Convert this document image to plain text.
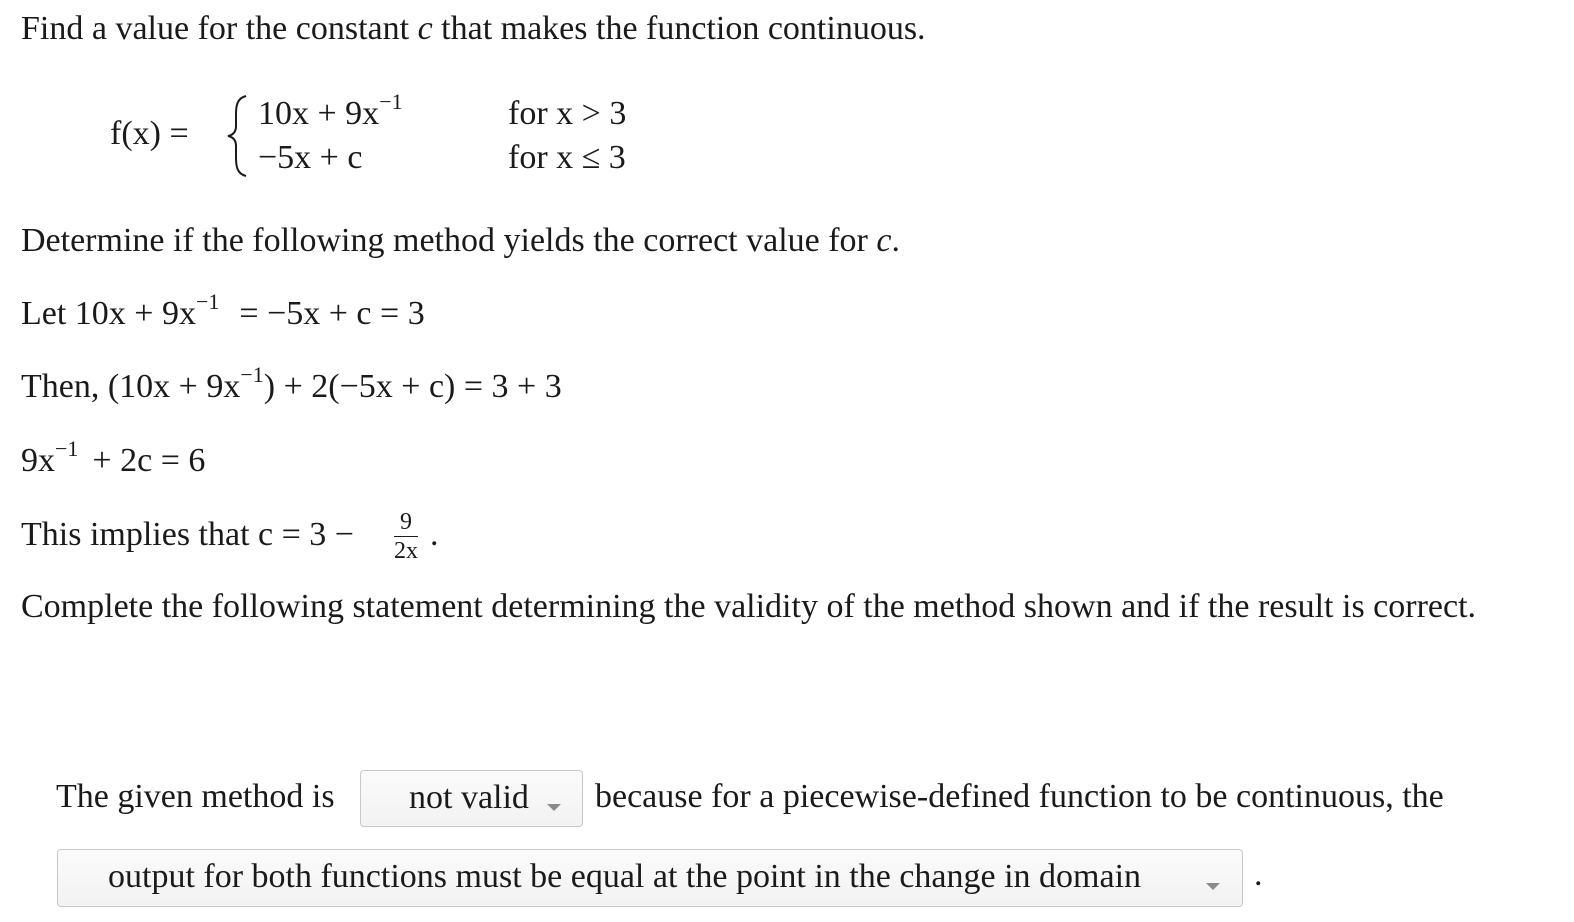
Find a value for the constant c that makes the function continuous.
f(x) =
$10x + 9x^{-1}$	for x > 3
−5x + c	for x ≤ 3
Determine if the following method yields the correct value for c.
Let $10x + 9x^{-1} = -5x + c = 3$
Then, $(10x + 9x^{-1}) + 2(-5x + c) = 3 + 3$
$9x^{-1} + 2c = 6$
This implies that c = 3 − 9
2x .
Complete the following statement determining the validity of the method shown and if the result is correct.
The given method is not valid because for a piecewise-defined function to be continuous, the
output for both functions must be equal at the point in the change in domain	.
